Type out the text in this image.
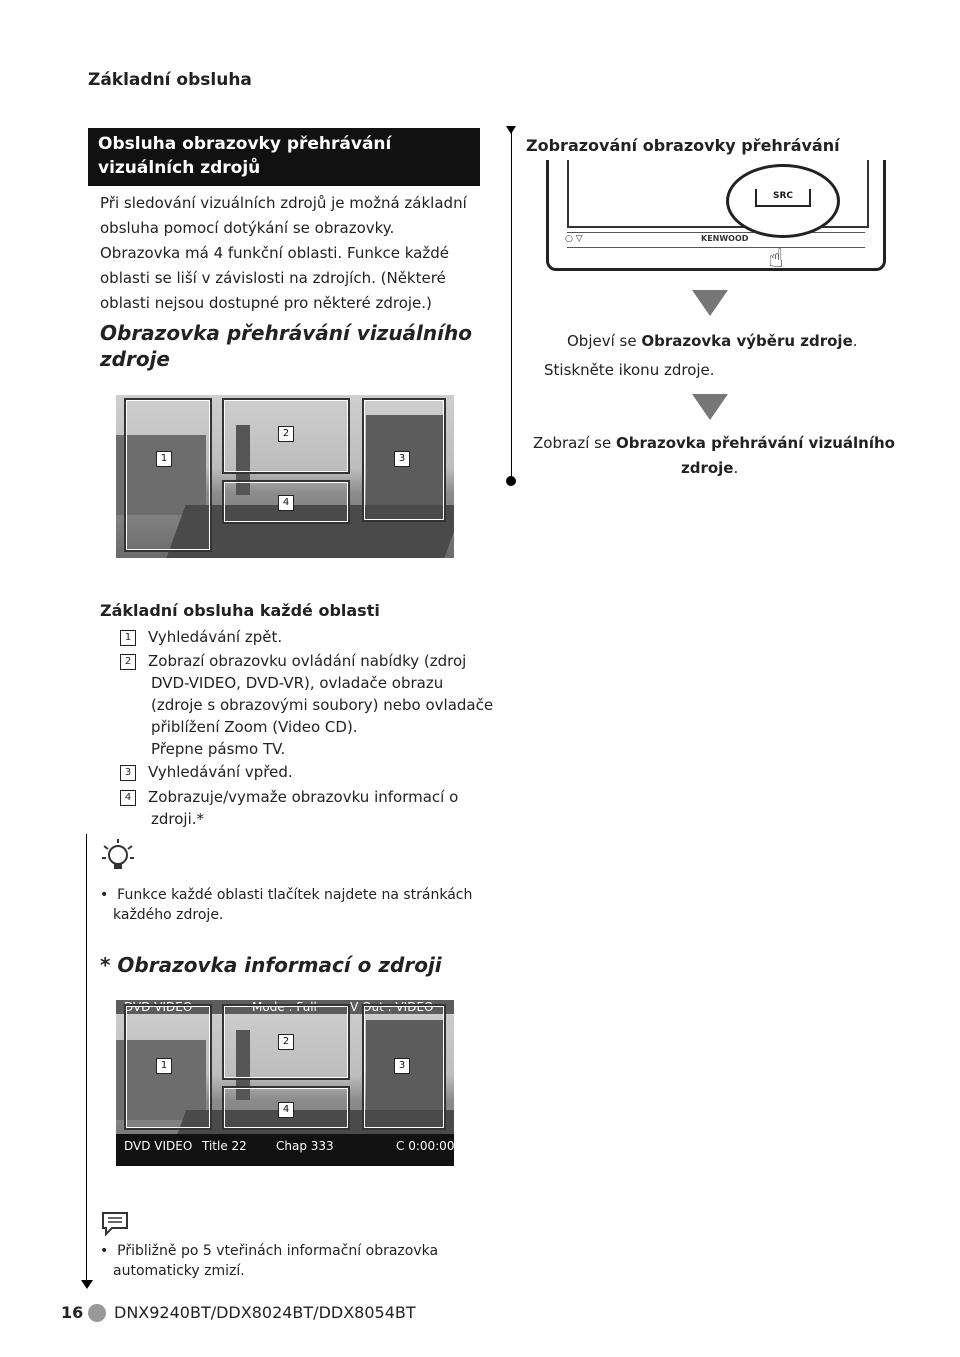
Základní obsluha
Obsluha obrazovky přehrávání
vizuálních zdrojů
Při sledování vizuálních zdrojů je možná základní
obsluha pomocí dotýkání se obrazovky.
Obrazovka má 4 funkční oblasti. Funkce každé
oblasti se liší v závislosti na zdrojích. (Některé
oblasti nejsou dostupné pro některé zdroje.)
Obrazovka přehrávání vizuálního
zdroje
1
2
3
4
Zobrazování obrazovky přehrávání
KENWOOD
○ ▽
SRC
☝
Objeví se Obrazovka výběru zdroje.
Stiskněte ikonu zdroje.
Zobrazí se Obrazovka přehrávání vizuálního
zdroje.
Základní obsluha každé oblasti
1 Vyhledávání zpět.
2 Zobrazí obrazovku ovládání nabídky (zdroj
DVD-VIDEO, DVD-VR), ovladače obrazu
(zdroje s obrazovými soubory) nebo ovladače
přiblížení Zoom (Video CD).
Přepne pásmo TV.
3 Vyhledávání vpřed.
4 Zobrazuje/vymaže obrazovku informací o
zdroji.*
•  Funkce každé oblasti tlačítek najdete na stránkách
každého zdroje.
* Obrazovka informací o zdroji
DVD VIDEO	Mode : Full	V Out : VIDEO
1
2
3
4
DVD VIDEO Title 22 Chap 333	C 0:00:00
•  Přibližně po 5 vteřinách informační obrazovka
automaticky zmizí.
16 DNX9240BT/DDX8024BT/DDX8054BT
